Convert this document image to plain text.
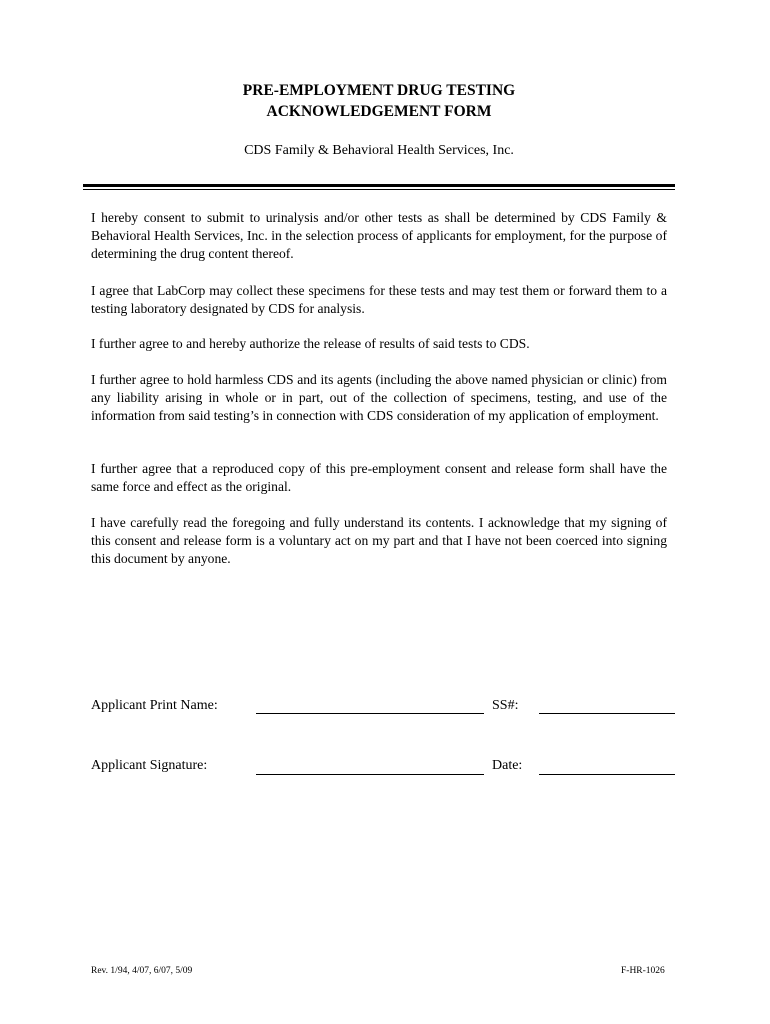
PRE-EMPLOYMENT DRUG TESTING
ACKNOWLEDGEMENT FORM
CDS Family & Behavioral Health Services, Inc.

I hereby consent to submit to urinalysis and/or other tests as shall be determined by CDS Family & Behavioral Health Services, Inc. in the selection process of applicants for employment, for the purpose of determining the drug content thereof.

I agree that LabCorp may collect these specimens for these tests and may test them or forward them to a testing laboratory designated by CDS for analysis.

I further agree to and hereby authorize the release of results of said tests to CDS.

I further agree to hold harmless CDS and its agents (including the above named physician or clinic) from any liability arising in whole or in part, out of the collection of specimens, testing, and use of the information from said testing’s in connection with CDS consideration of my application of employment.

I further agree that a reproduced copy of this pre-employment consent and release form shall have the same force and effect as the original.

I have carefully read the foregoing and fully understand its contents. I acknowledge that my signing of this consent and release form is a voluntary act on my part and that I have not been coerced into signing this document by anyone.

Applicant Print Name:	SS#:
Applicant Signature:	Date:
Rev. 1/94, 4/07, 6/07, 5/09	F-HR-1026
